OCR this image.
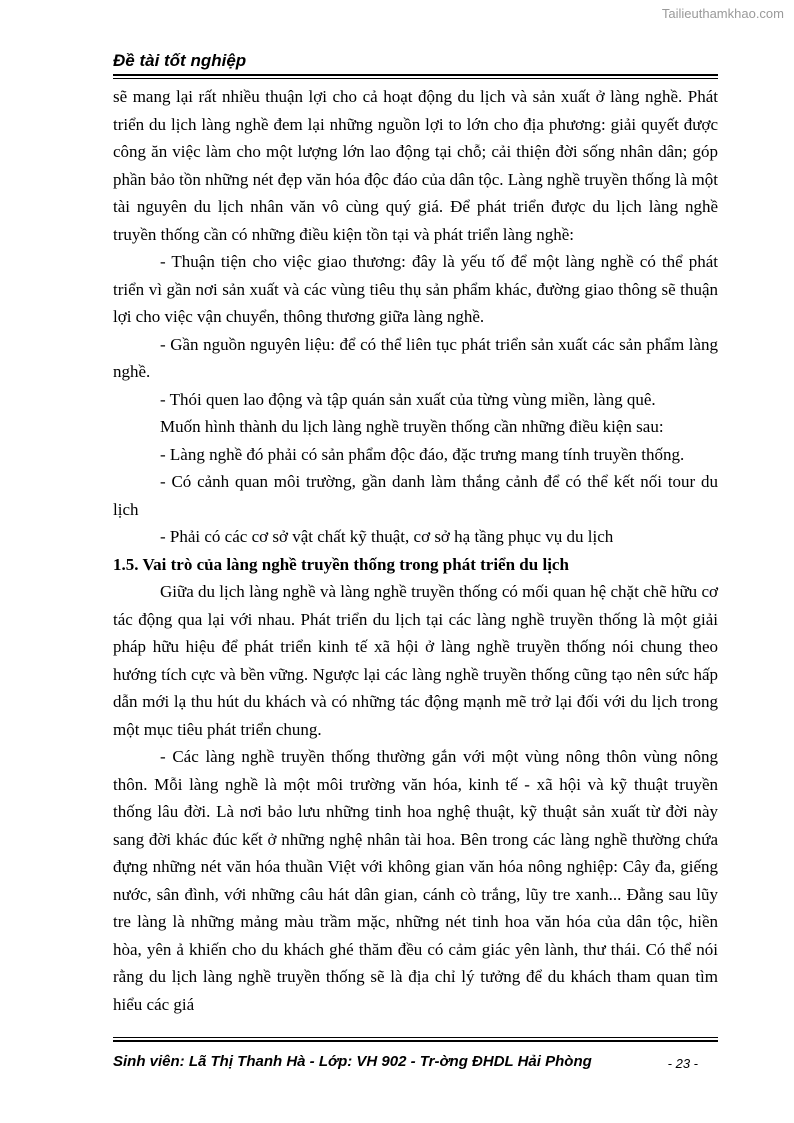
Tailieuthamkhao.com
Đề tài tốt nghiệp

sẽ mang lại rất nhiều thuận lợi cho cả hoạt động du lịch và sản xuất ở làng nghề. Phát triển du lịch làng nghề đem lại những nguồn lợi to lớn cho địa phương: giải quyết được công ăn việc làm cho một lượng lớn lao động tại chỗ; cải thiện đời sống nhân dân; góp phần bảo tồn những nét đẹp văn hóa độc đáo của dân tộc. Làng nghề truyền thống là một tài nguyên du lịch nhân văn vô cùng quý giá. Để phát triển được du lịch làng nghề truyền thống cần có những điều kiện tồn tại và phát triển làng nghề:

- Thuận tiện cho việc giao thương: đây là yếu tố để một làng nghề có thể phát triển vì gần nơi sản xuất và các vùng tiêu thụ sản phẩm khác, đường giao thông sẽ thuận lợi cho việc vận chuyển, thông thương giữa làng nghề.

- Gần nguồn nguyên liệu: để có thể liên tục phát triển sản xuất các sản phẩm làng nghề.

- Thói quen lao động và tập quán sản xuất của từng vùng miền, làng quê.

Muốn hình thành du lịch làng nghề truyền thống cần những điều kiện sau:

- Làng nghề đó phải có sản phẩm độc đáo, đặc trưng mang tính truyền thống.

- Có cảnh quan môi trường, gần danh làm thắng cảnh để có thể kết nối tour du lịch

- Phải có các cơ sở vật chất kỹ thuật, cơ sở hạ tầng phục vụ du lịch

1.5. Vai trò của làng nghề truyền thống trong phát triển du lịch

Giữa du lịch làng nghề và làng nghề truyền thống có mối quan hệ chặt chẽ hữu cơ tác động qua lại với nhau. Phát triển du lịch tại các làng nghề truyền thống là một giải pháp hữu hiệu để phát triển kinh tế xã hội ở làng nghề truyền thống nói chung theo hướng tích cực và bền vững. Ngược lại các làng nghề truyền thống cũng tạo nên sức hấp dẫn mới lạ thu hút du khách và có những tác động mạnh mẽ trở lại đối với du lịch trong một mục tiêu phát triển chung.

- Các làng nghề truyền thống thường gắn với một vùng nông thôn vùng nông thôn. Mỗi làng nghề là một môi trường văn hóa, kinh tế - xã hội và kỹ thuật truyền thống lâu đời. Là nơi bảo lưu những tinh hoa nghệ thuật, kỹ thuật sản xuất từ đời này sang đời khác đúc kết ở những nghệ nhân tài hoa. Bên trong các làng nghề thường chứa đựng những nét văn hóa thuần Việt với không gian văn hóa nông nghiệp: Cây đa, giếng nước, sân đình, với những câu hát dân gian, cánh cò trắng, lũy tre xanh... Đằng sau lũy tre làng là những mảng màu trầm mặc, những nét tinh hoa văn hóa của dân tộc, hiền hòa, yên ả khiến cho du khách ghé thăm đều có cảm giác yên lành, thư thái. Có thể nói rằng du lịch làng nghề truyền thống sẽ là địa chỉ lý tưởng để du khách tham quan tìm hiểu các giá

Sinh viên: Lã Thị Thanh Hà - Lớp: VH 902 - Tr-ờng ĐHDL Hải Phòng	- 23 -
